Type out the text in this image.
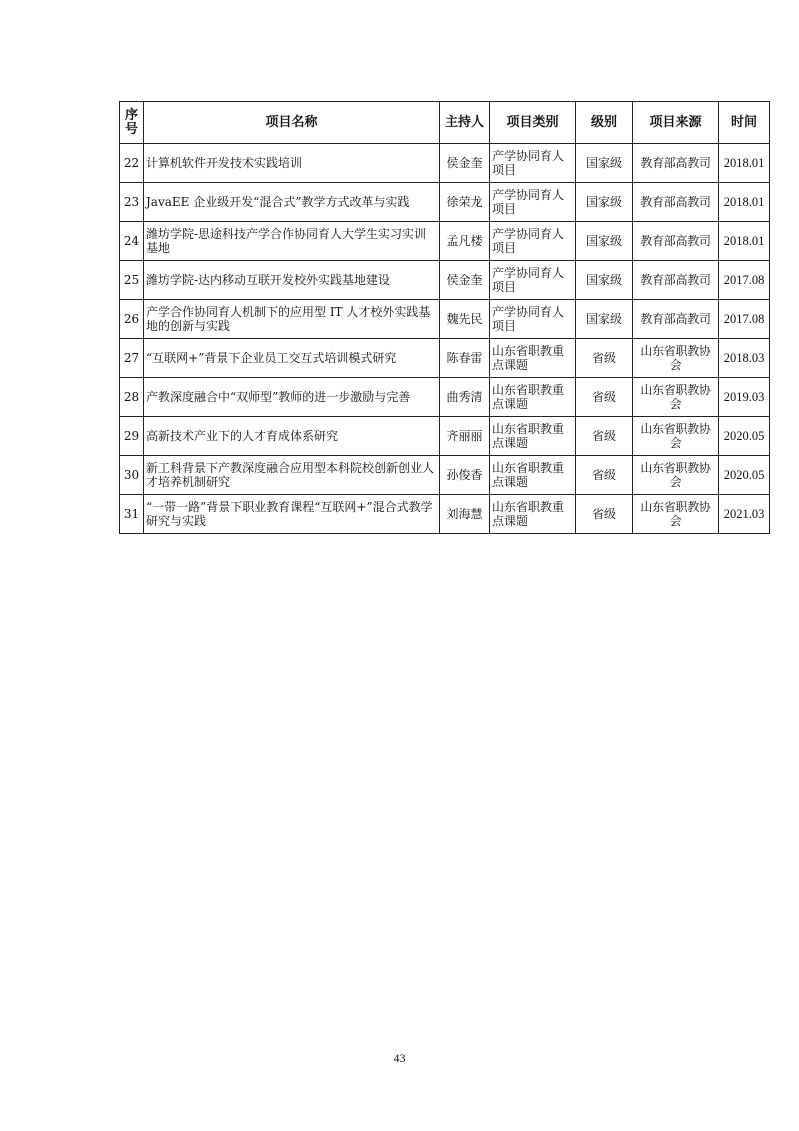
序号	项目名称	主持人	项目类别	级别	项目来源	时间
22	计算机软件开发技术实践培训	侯金奎	产学协同育人项目	国家级	教育部高教司	2018.01
23	JavaEE 企业级开发“混合式”教学方式改革与实践	徐荣龙	产学协同育人项目	国家级	教育部高教司	2018.01
24	潍坊学院-思途科技产学合作协同育人大学生实习实训基地	孟凡楼	产学协同育人项目	国家级	教育部高教司	2018.01
25	潍坊学院-达内移动互联开发校外实践基地建设	侯金奎	产学协同育人项目	国家级	教育部高教司	2017.08
26	产学合作协同育人机制下的应用型 IT 人才校外实践基地的创新与实践	魏先民	产学协同育人项目	国家级	教育部高教司	2017.08
27	“互联网+”背景下企业员工交互式培训模式研究	陈春雷	山东省职教重点课题	省级	山东省职教协会	2018.03
28	产教深度融合中“双师型”教师的进一步激励与完善	曲秀清	山东省职教重点课题	省级	山东省职教协会	2019.03
29	高新技术产业下的人才育成体系研究	齐丽丽	山东省职教重点课题	省级	山东省职教协会	2020.05
30	新工科背景下产教深度融合应用型本科院校创新创业人才培养机制研究	孙俊香	山东省职教重点课题	省级	山东省职教协会	2020.05
31	“一带一路”背景下职业教育课程“互联网+”混合式教学研究与实践	刘海慧	山东省职教重点课题	省级	山东省职教协会	2021.03
43
